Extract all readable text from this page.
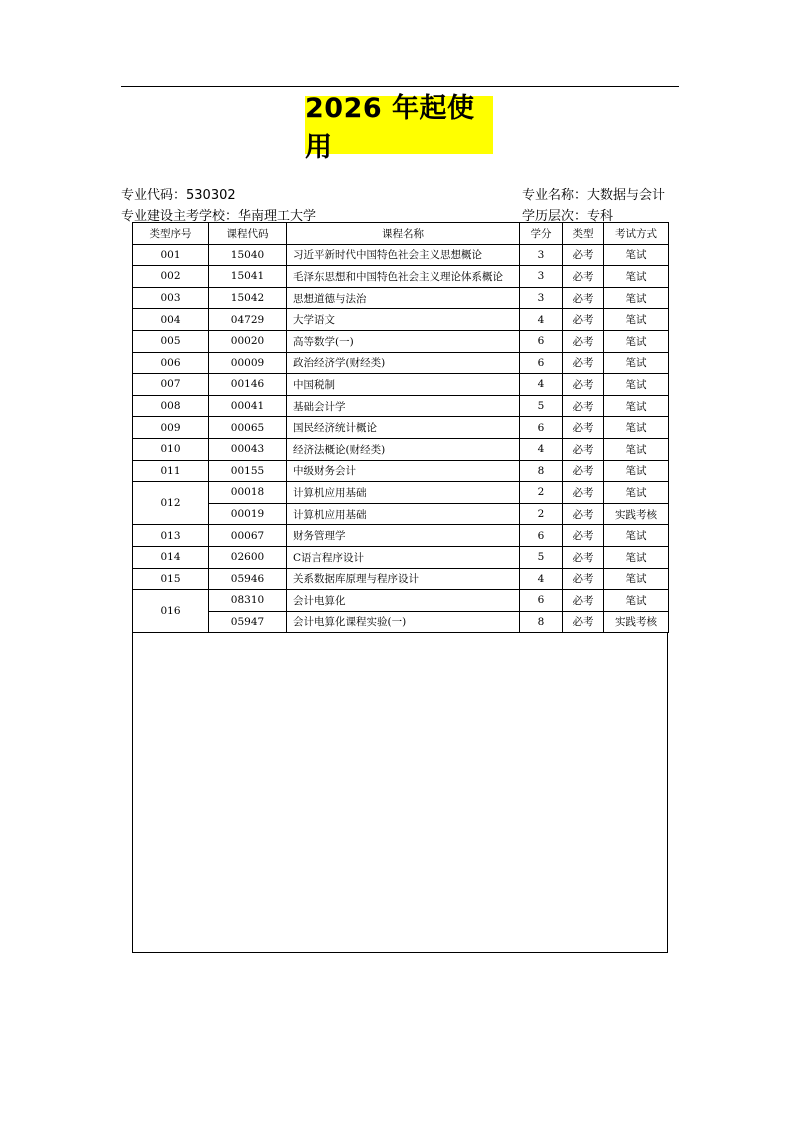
2026 年起使用
专业代码：530302
专业建设主考学校：华南理工大学
专业名称：大数据与会计
学历层次：专科
类型序号	课程代码	课程名称	学分	类型	考试方式
001	15040	习近平新时代中国特色社会主义思想概论	3	必考	笔试
002	15041	毛泽东思想和中国特色社会主义理论体系概论	3	必考	笔试
003	15042	思想道德与法治	3	必考	笔试
004	04729	大学语文	4	必考	笔试
005	00020	高等数学(一)	6	必考	笔试
006	00009	政治经济学(财经类)	6	必考	笔试
007	00146	中国税制	4	必考	笔试
008	00041	基础会计学	5	必考	笔试
009	00065	国民经济统计概论	6	必考	笔试
010	00043	经济法概论(财经类)	4	必考	笔试
011	00155	中级财务会计	8	必考	笔试
012	00018	计算机应用基础	2	必考	笔试
	00019	计算机应用基础	2	必考	实践考核
013	00067	财务管理学	6	必考	笔试
014	02600	C语言程序设计	5	必考	笔试
015	05946	关系数据库原理与程序设计	4	必考	笔试
016	08310	会计电算化	6	必考	笔试
	05947	会计电算化课程实验(一)	8	必考	实践考核
